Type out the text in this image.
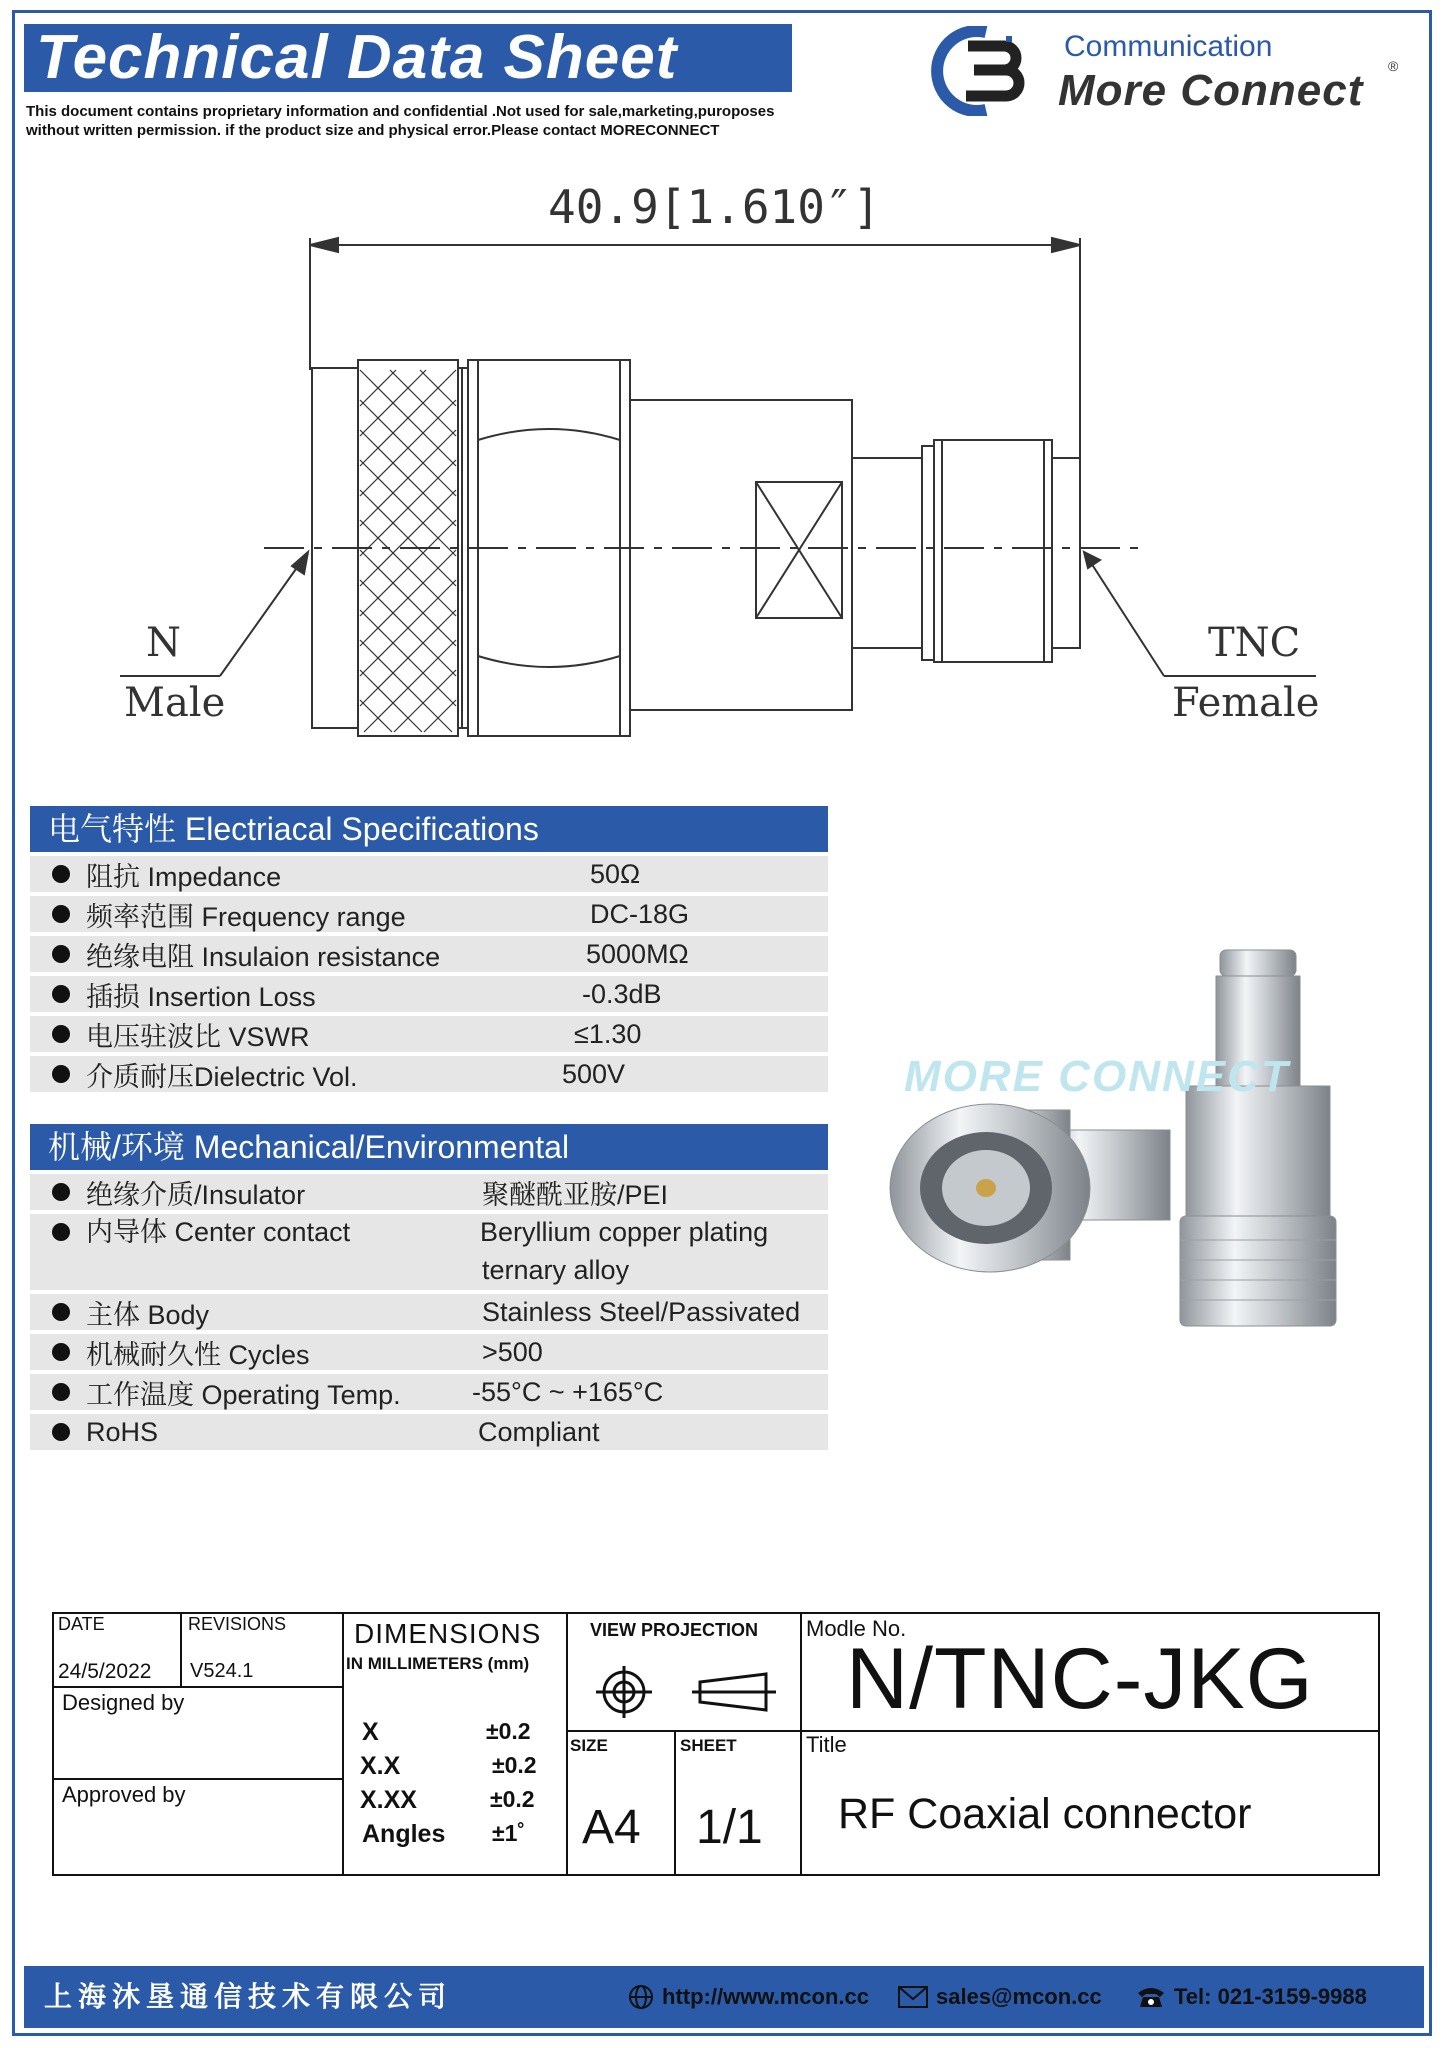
Technical Data Sheet
This document contains proprietary information and confidential .Not used for sale,marketing,puroposes
without written permission. if the product size and physical error.Please contact MORECONNECT
Communication
More Connect ®
40.9[1.610″]
N
Male
TNC
Female
电气特性 Electriacal Specifications
阻抗 Impedance	50Ω
频率范围 Frequency range	DC-18G
绝缘电阻 Insulaion resistance	5000MΩ
插损 Insertion Loss	-0.3dB
电压驻波比 VSWR	≤1.30
介质耐压Dielectric Vol.	500V
机械/环境 Mechanical/Environmental
绝缘介质/Insulator	聚醚酰亚胺/PEI
内导体 Center contact	Beryllium copper plating
ternary alloy
主体 Body	Stainless Steel/Passivated
机械耐久性 Cycles	>500
工作温度 Operating Temp.	-55°C ~ +165°C
RoHS	Compliant
MORE CONNECT
DATE
24/5/2022
REVISIONS
V524.1
Designed by
Approved by
DIMENSIONS
IN MILLIMETERS (mm)
X	±0.2
X.X	±0.2
X.XX	±0.2
Angles ±1˚
VIEW PROJECTION
SIZE
A4
SHEET
1/1
Modle No.
N/TNC-JKG
Title
RF Coaxial connector
上海沐垦通信技术有限公司	http://www.mcon.cc	sales@mcon.cc	Tel: 021-3159-9988
